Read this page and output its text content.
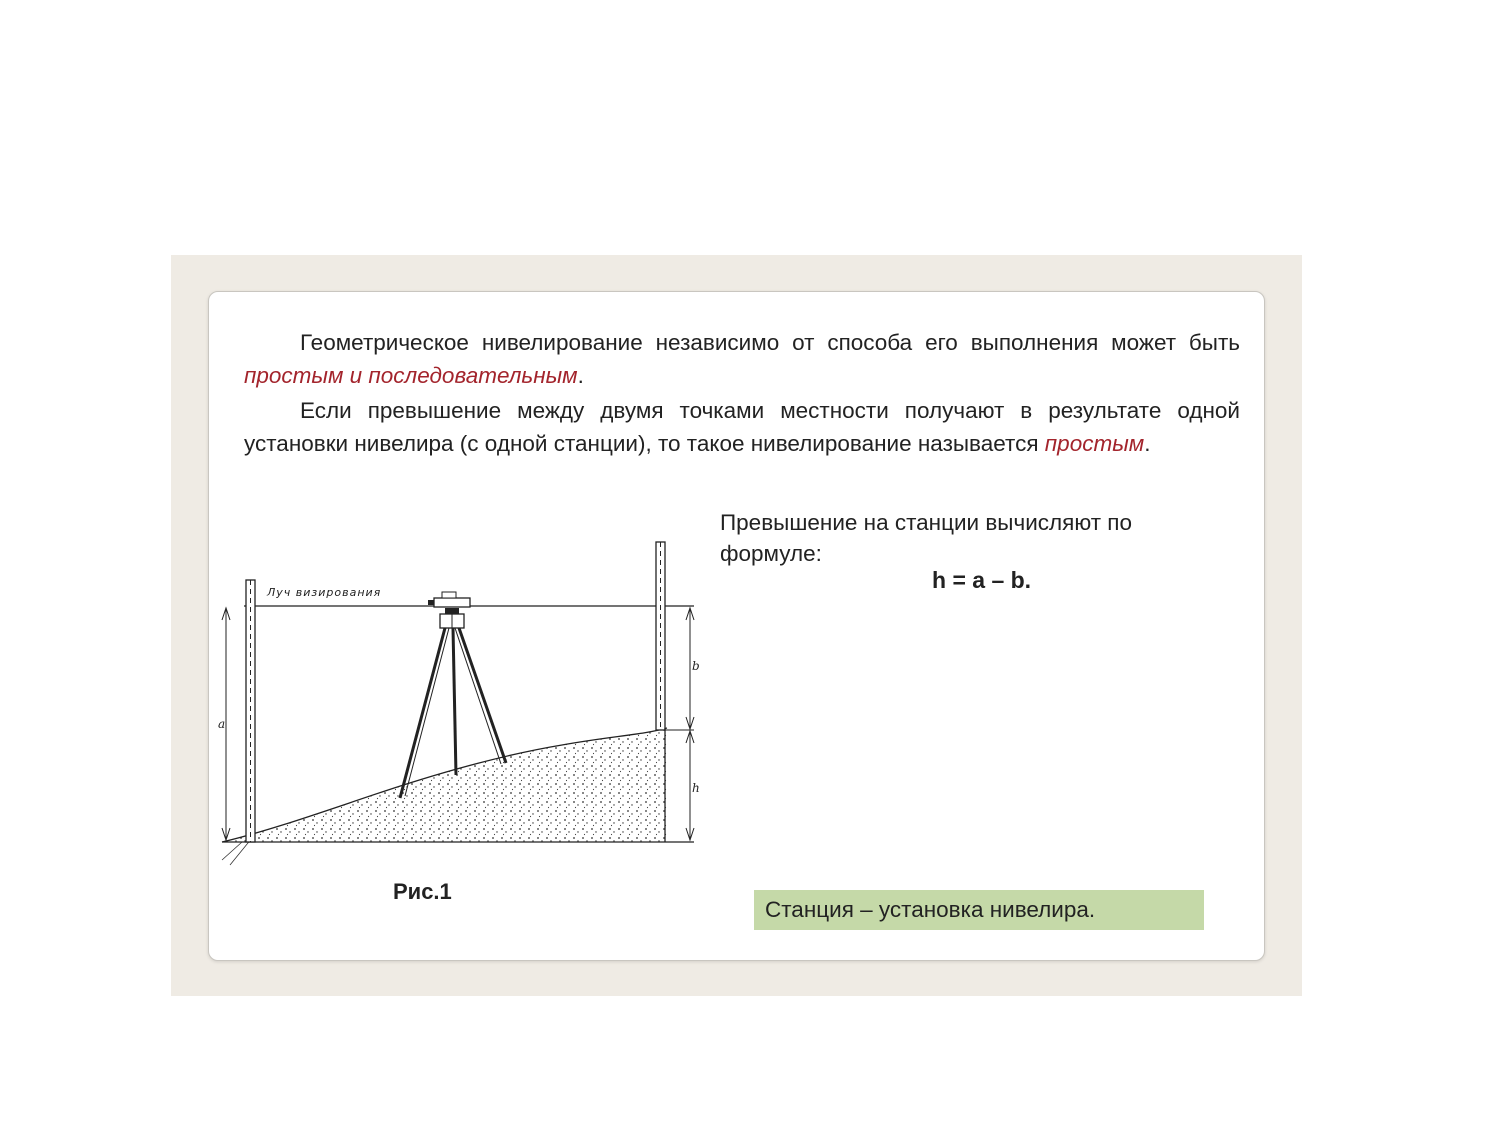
Геометрическое нивелирование независимо от способа его выполнения может быть простым и последовательным.

Если превышение между двумя точками местности получают в результате одной установки нивелира (с одной станции), то такое нивелирование называется простым.

Луч визирования
a
b
h
Превышение на станции вычисляют по формуле:
h = a – b.
Рис.1
Станция – установка нивелира.
